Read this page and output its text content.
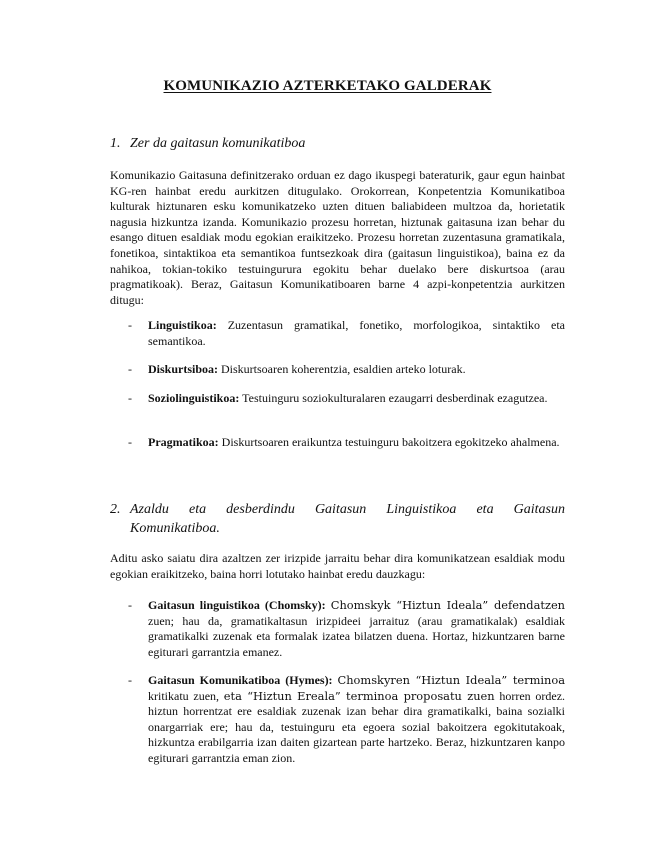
KOMUNIKAZIO AZTERKETAKO GALDERAK
1. Zer da gaitasun komunikatiboa

Komunikazio Gaitasuna definitzerako orduan ez dago ikuspegi bateraturik, gaur egun hainbat KG-ren hainbat eredu aurkitzen ditugulako. Orokorrean, Konpetentzia Komunikatiboa kulturak hiztunaren esku komunikatzeko uzten dituen baliabideen multzoa da, horietatik nagusia hizkuntza izanda. Komunikazio prozesu horretan, hiztunak gaitasuna izan behar du esango dituen esaldiak modu egokian eraikitzeko. Prozesu horretan zuzentasuna gramatikala, fonetikoa, sintaktikoa eta semantikoa funtsezkoak dira (gaitasun linguistikoa), baina ez da nahikoa, tokian-tokiko testuingurura egokitu behar duelako bere diskurtsoa (arau pragmatikoak). Beraz, Gaitasun Komunikatiboaren barne 4 azpi-konpetentzia aurkitzen ditugu:

- Linguistikoa: Zuzentasun gramatikal, fonetiko, morfologikoa, sintaktiko eta semantikoa.
- Diskurtsiboa: Diskurtsoaren koherentzia, esaldien arteko loturak.
- Soziolinguistikoa: Testuinguru soziokulturalaren ezaugarri desberdinak ezagutzea.
- Pragmatikoa: Diskurtsoaren eraikuntza testuinguru bakoitzera egokitzeko ahalmena.
2. Azaldu eta desberdindu Gaitasun Linguistikoa eta Gaitasun
Komunikatiboa.

Aditu asko saiatu dira azaltzen zer irizpide jarraitu behar dira komunikatzean esaldiak modu egokian eraikitzeko, baina horri lotutako hainbat eredu dauzkagu:

- Gaitasun linguistikoa (Chomsky): Chomskyk “Hiztun Ideala” defendatzen zuen; hau da, gramatikaltasun irizpideei jarraituz (arau gramatikalak) esaldiak gramatikalki zuzenak eta formalak izatea bilatzen duena. Hortaz, hizkuntzaren barne egiturari garrantzia emanez.
- Gaitasun Komunikatiboa (Hymes): Chomskyren “Hiztun Ideala” terminoa kritikatu zuen, eta “Hiztun Ereala” terminoa proposatu zuen horren ordez. hiztun horrentzat ere esaldiak zuzenak izan behar dira gramatikalki, baina sozialki onargarriak ere; hau da, testuinguru eta egoera sozial bakoitzera egokitutakoak, hizkuntza erabilgarria izan daiten gizartean parte hartzeko. Beraz, hizkuntzaren kanpo egiturari garrantzia eman zion.
